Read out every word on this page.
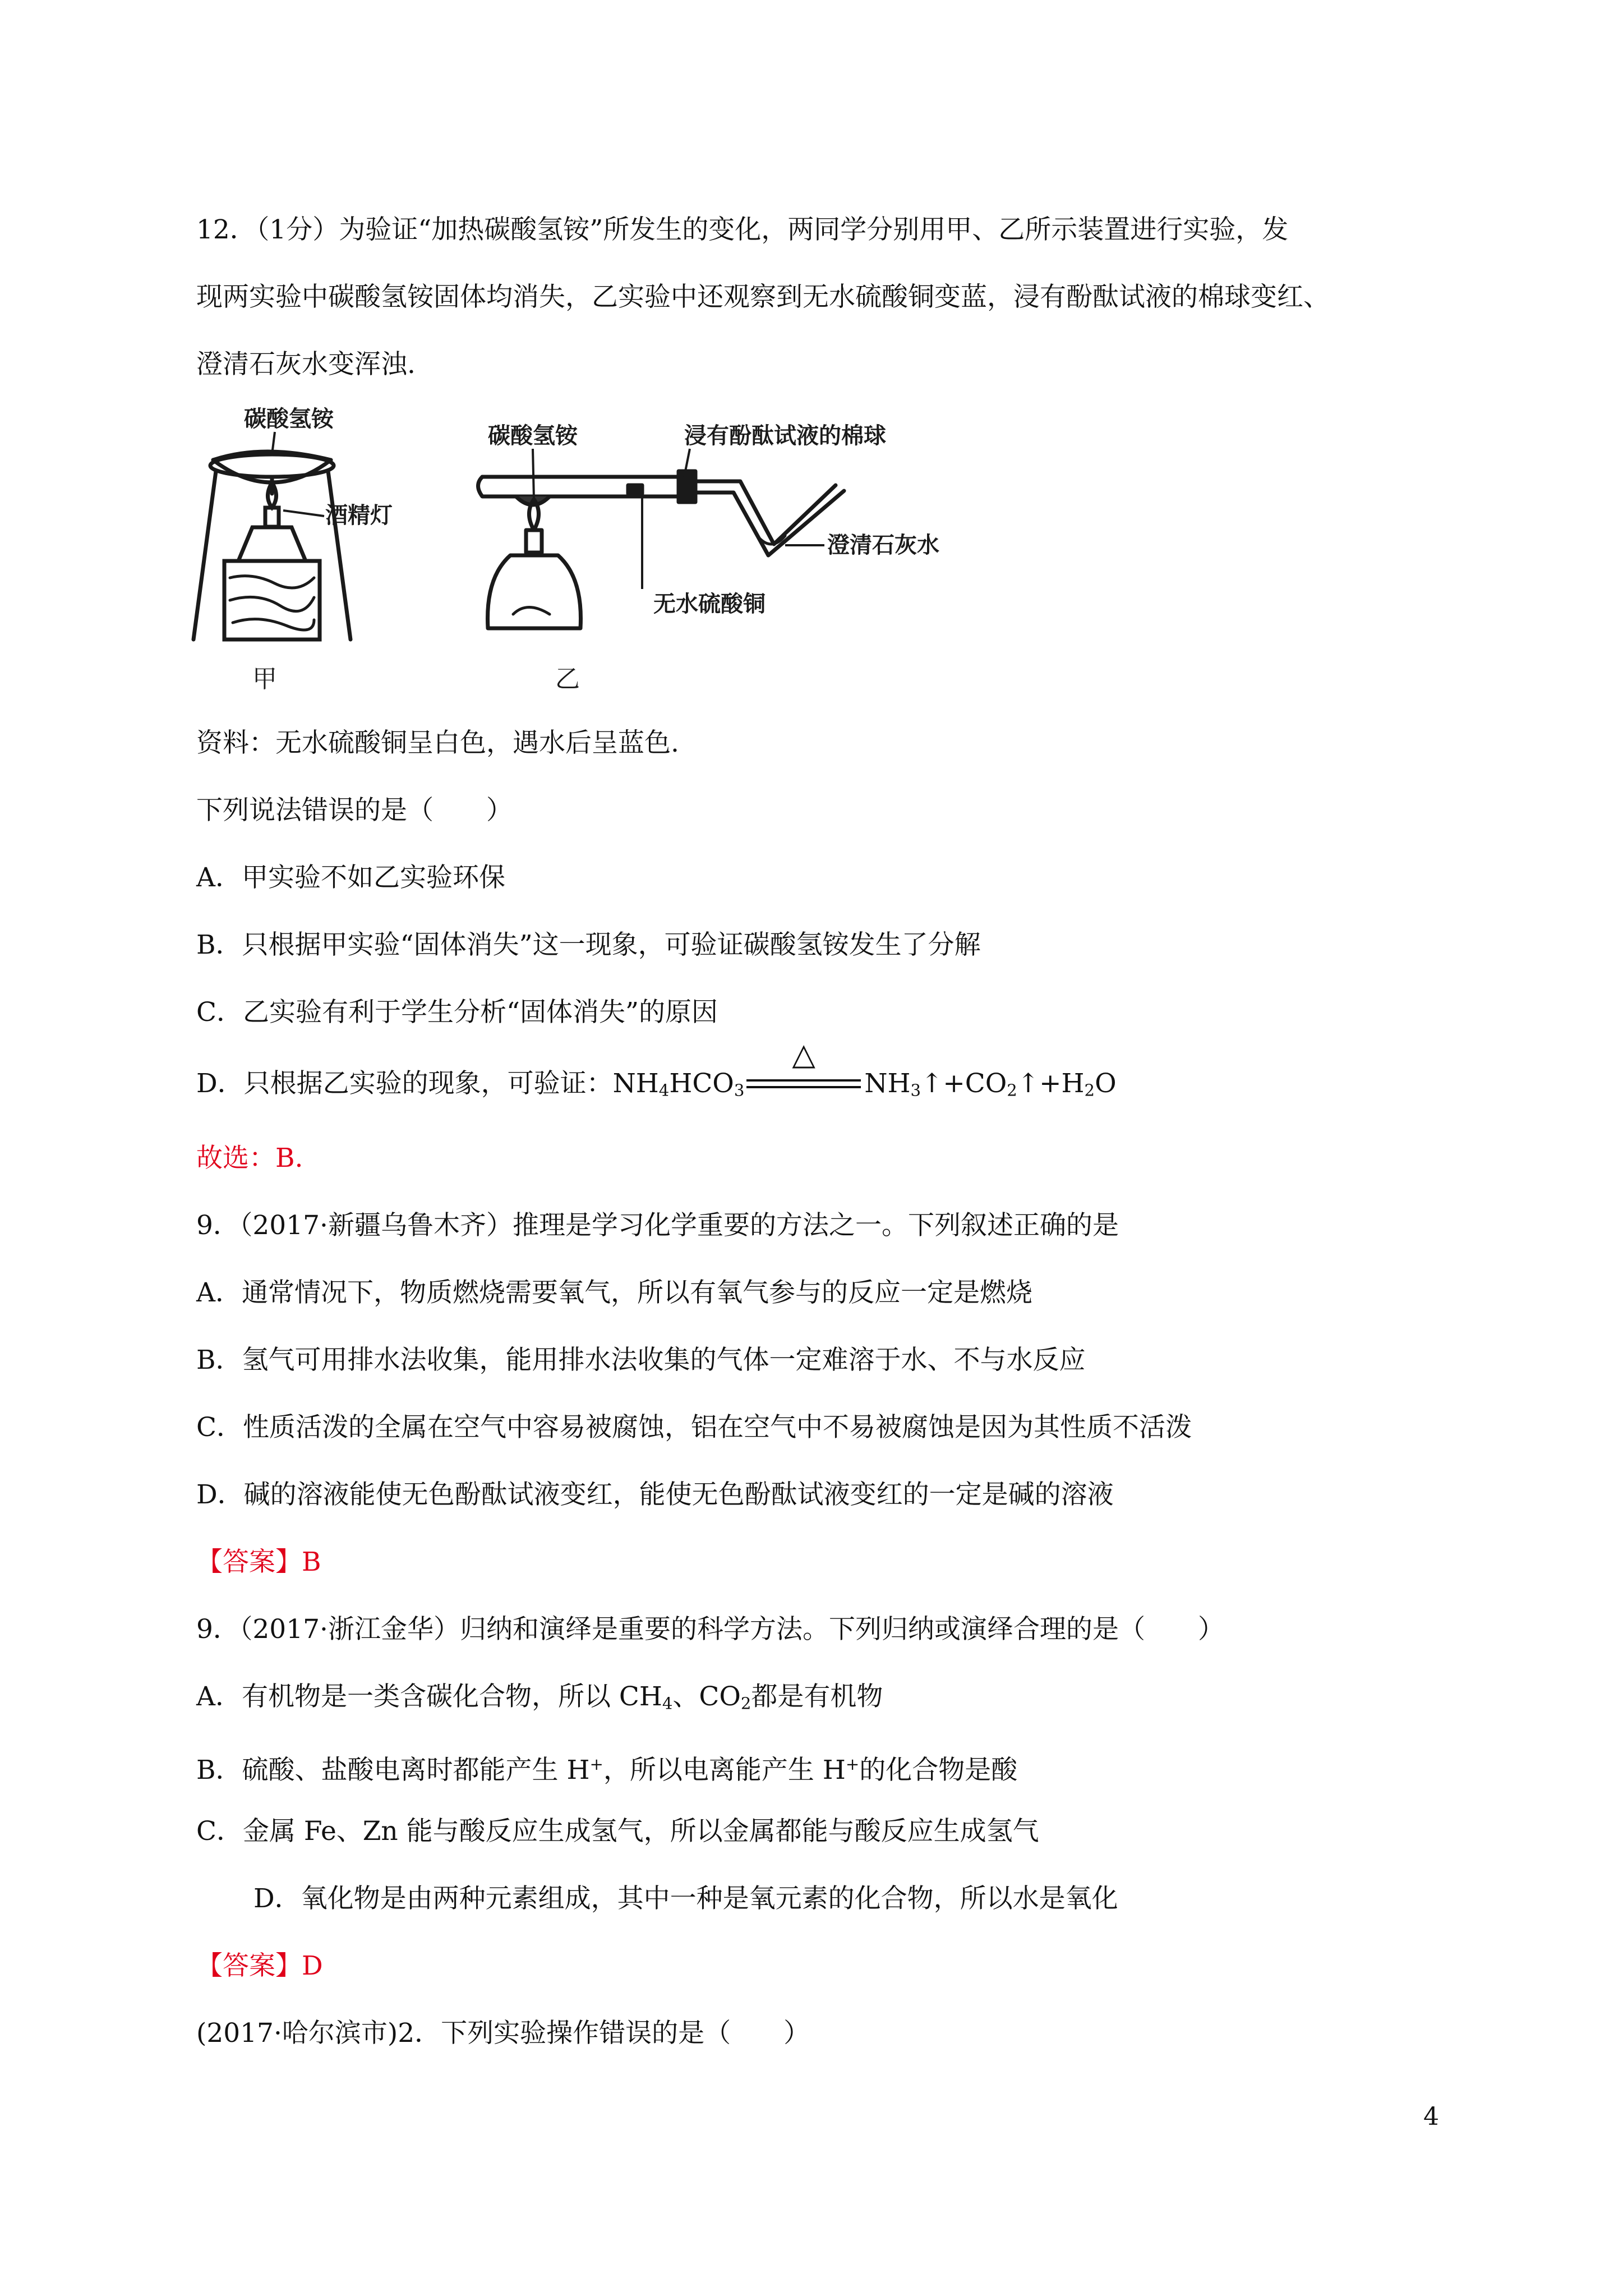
12．（1分）为验证“加热碳酸氢铵”所发生的变化，两同学分别用甲、乙所示装置进行实验，发

现两实验中碳酸氢铵固体均消失，乙实验中还观察到无水硫酸铜变蓝，浸有酚酞试液的棉球变红、

澄清石灰水变浑浊.

碳酸氢铵
酒精灯
甲
碳酸氢铵	浸有酚酞试液的棉球
澄清石灰水
无水硫酸铜
乙

资料：无水硫酸铜呈白色，遇水后呈蓝色.

下列说法错误的是（　　）

A．甲实验不如乙实验环保

B．只根据甲实验“固体消失”这一现象，可验证碳酸氢铵发生了分解

C．乙实验有利于学生分析“固体消失”的原因

D．只根据乙实验的现象，可验证：$NH_4HCO_3$
△
$NH_3↑+CO_2↑+H_2O$

故选：B.

9．（2017·新疆乌鲁木齐）推理是学习化学重要的方法之一。下列叙述正确的是

A．通常情况下，物质燃烧需要氧气，所以有氧气参与的反应一定是燃烧

B．氢气可用排水法收集，能用排水法收集的气体一定难溶于水、不与水反应

C．性质活泼的全属在空气中容易被腐蚀，铝在空气中不易被腐蚀是因为其性质不活泼

D．碱的溶液能使无色酚酞试液变红，能使无色酚酞试液变红的一定是碱的溶液

【答案】B

9．（2017·浙江金华）归纳和演绎是重要的科学方法。下列归纳或演绎合理的是（　　）

A．有机物是一类含碳化合物，所以 $CH_4$、$CO_2$都是有机物

B．硫酸、盐酸电离时都能产生 H+，所以电离能产生 H+的化合物是酸

C．金属 Fe、Zn 能与酸反应生成氢气，所以金属都能与酸反应生成氢气

D．氧化物是由两种元素组成，其中一种是氧元素的化合物，所以水是氧化

【答案】D

(2017·哈尔滨市)2．下列实验操作错误的是（　　）

4
